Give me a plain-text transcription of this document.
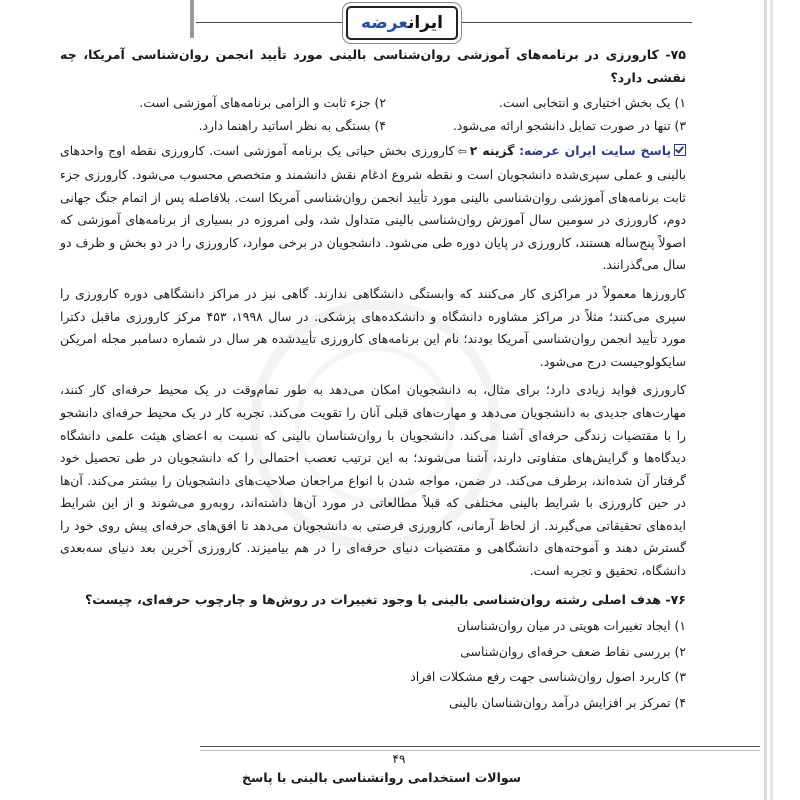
ایرانعرضه

۷۵- کارورزی در برنامه‌های آموزشی روان‌شناسی بالینی مورد تأیید انجمن روان‌شناسی آمریکا، چه نقشی دارد؟

۱) یک بخش اختیاری و انتخابی است.
۲) جزء ثابت و الزامی برنامه‌های آموزشی است.
۳) تنها در صورت تمایل دانشجو ارائه می‌شود.
۴) بستگی به نظر اساتید راهنما دارد.

پاسخ سایت ایران عرضه: گزینه ۲⇦کارورزی بخش حیاتی یک برنامه آموزشی است. کارورزی نقطه اوج واحدهای بالینی و عملی سپری‌شده دانشجویان است و نقطه شروع ادغام نقش دانشمند و متخصص محسوب می‌شود. کارورزی جزء ثابت برنامه‌های آموزشی روان‌شناسی بالینی مورد تأیید انجمن روان‌شناسی آمریکا است. بلافاصله پس از اتمام جنگ جهانی دوم، کارورزی در سومین سال آموزش روان‌شناسی بالینی متداول شد، ولی امروزه در بسیاری از برنامه‌های آموزشی که اصولاً پنج‌ساله هستند، کارورزی در پایان دوره طی می‌شود. دانشجویان در برخی موارد، کارورزی را در دو بخش و ظرف دو سال می‌گذرانند.

کارورزها معمولاً در مراکزی کار می‌کنند که وابستگی دانشگاهی ندارند. گاهی نیز در مراکز دانشگاهی دوره کارورزی را سپری می‌کنند؛ مثلاً در مراکز مشاوره دانشگاه و دانشکده‌های پزشکی. در سال ۱۹۹۸، ۴۵۳ مرکز کارورزی ماقبل دکترا مورد تأیید انجمن روان‌شناسی آمریکا بودند؛ نام این برنامه‌های کارورزی تأییدشده هر سال در شماره دسامبر مجله امریکن سایکولوجیست درج می‌شود.

کارورزی فواید زیادی دارد؛ برای مثال، به دانشجویان امکان می‌دهد به طور تمام‌وقت در یک محیط حرفه‌ای کار کنند، مهارت‌های جدیدی به دانشجویان می‌دهد و مهارت‌های قبلی آنان را تقویت می‌کند. تجربه کار در یک محیط حرفه‌ای دانشجو را با مقتضیات زندگی حرفه‌ای آشنا می‌کند. دانشجویان با روان‌شناسان بالینی که نسبت به اعضای هیئت علمی دانشگاه دیدگاه‌ها و گرایش‌های متفاوتی دارند، آشنا می‌شوند؛ به این ترتیب تعصب احتمالی را که دانشجویان در طی تحصیل خود گرفتار آن شده‌اند، برطرف می‌کند. در ضمن، مواجه شدن با انواع مراجعان صلاحیت‌های دانشجویان را بیشتر می‌کند. آن‌ها در حین کارورزی با شرایط بالینی مختلفی که قبلاً مطالعاتی در مورد آن‌ها داشته‌اند، روبه‌رو می‌شوند و از این شرایط ایده‌های تحقیقاتی می‌گیرند. از لحاظ آرمانی، کارورزی فرصتی به دانشجویان می‌دهد تا افق‌های حرفه‌ای پیش روی خود را گسترش دهند و آموخته‌های دانشگاهی و مقتضیات دنیای حرفه‌ای را در هم بیامیزند. کارورزی آخرین بعد دنیای سه‌بعدی دانشگاه، تحقیق و تجربه است.

۷۶- هدف اصلی رشته روان‌شناسی بالینی با وجود تغییرات در روش‌ها و چارچوب حرفه‌ای، چیست؟

۱) ایجاد تغییرات هویتی در میان روان‌شناسان

۲) بررسی نقاط ضعف حرفه‌ای روان‌شناسی

۳) کاربرد اصول روان‌شناسی جهت رفع مشکلات افراد

۴) تمرکز بر افزایش درآمد روان‌شناسان بالینی

۴۹
سوالات استخدامی روانشناسی بالینی با پاسخ
